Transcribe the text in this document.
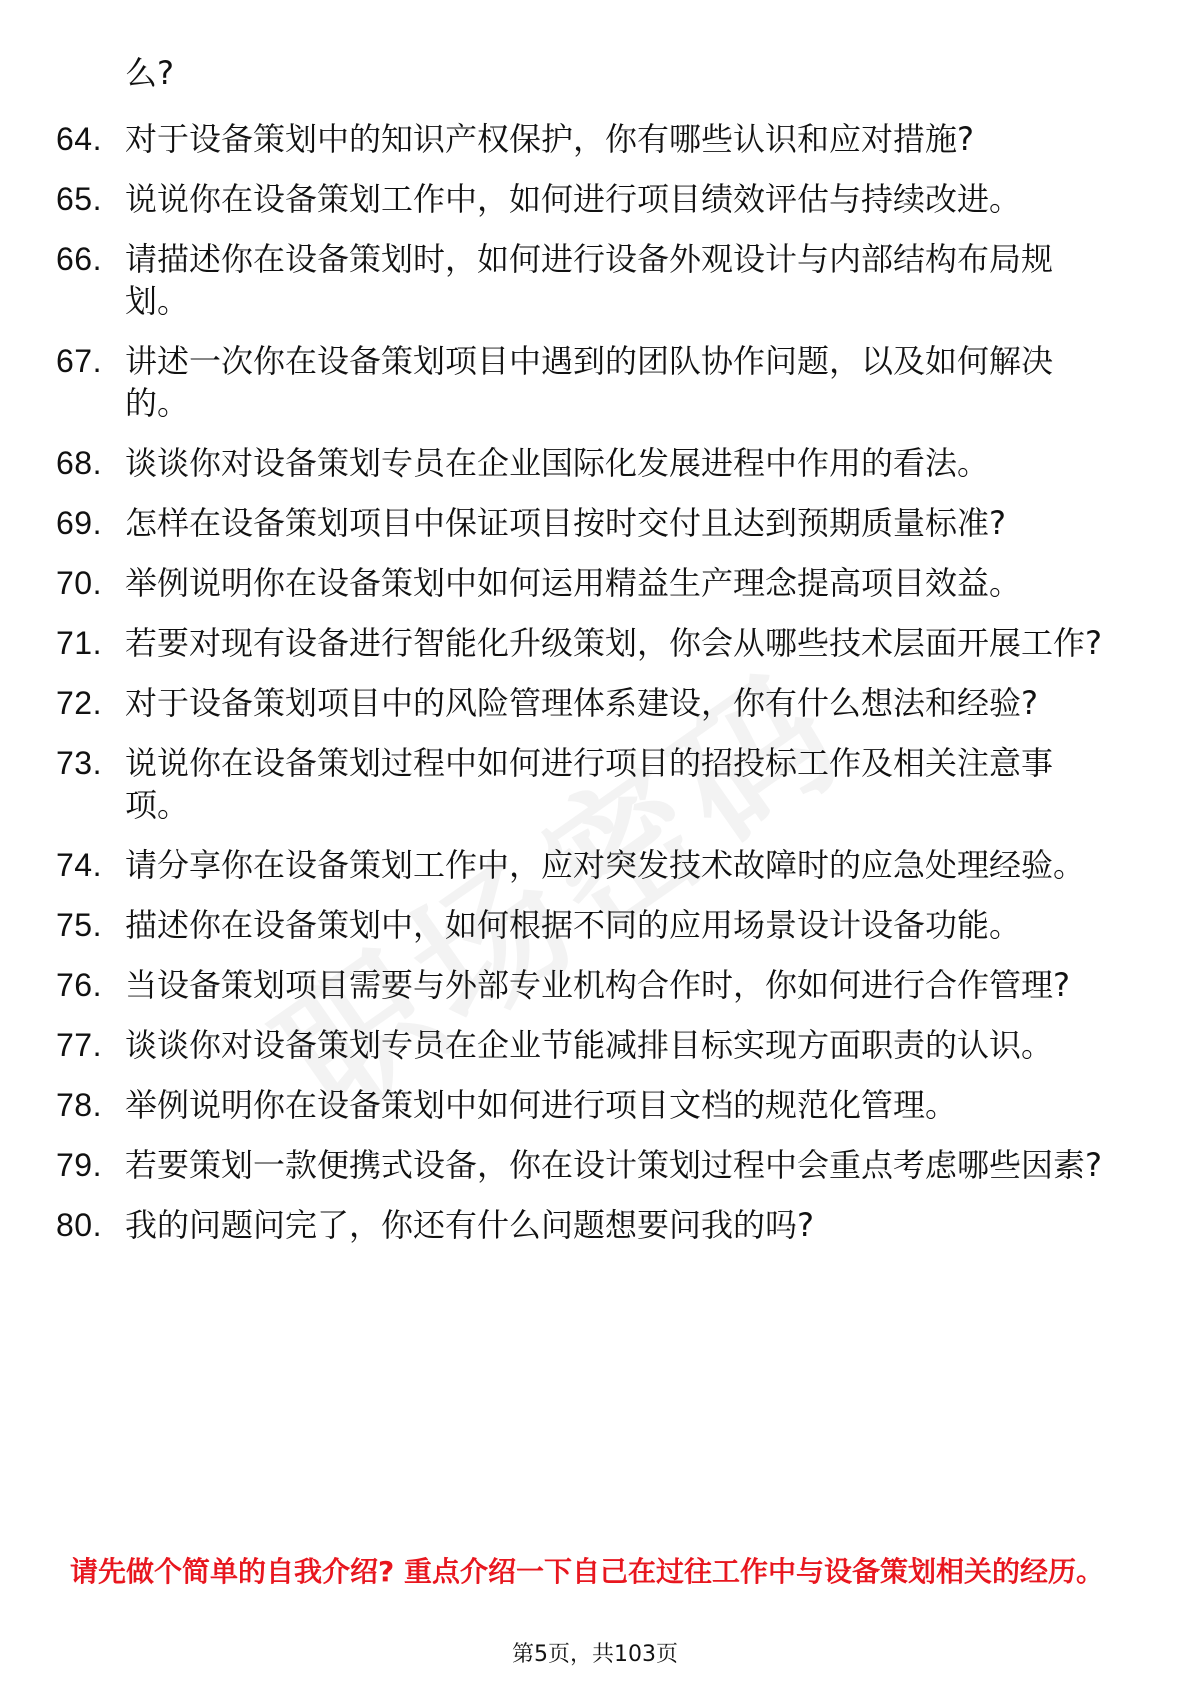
么?
64. 对于设备策划中的知识产权保护，你有哪些认识和应对措施?
65. 说说你在设备策划工作中，如何进行项目绩效评估与持续改进。
66. 请描述你在设备策划时，如何进行设备外观设计与内部结构布局规划。
67. 讲述一次你在设备策划项目中遇到的团队协作问题，以及如何解决的。
68. 谈谈你对设备策划专员在企业国际化发展进程中作用的看法。
69. 怎样在设备策划项目中保证项目按时交付且达到预期质量标准?
70. 举例说明你在设备策划中如何运用精益生产理念提高项目效益。
71. 若要对现有设备进行智能化升级策划，你会从哪些技术层面开展工作?
72. 对于设备策划项目中的风险管理体系建设，你有什么想法和经验?
73. 说说你在设备策划过程中如何进行项目的招投标工作及相关注意事项。
74. 请分享你在设备策划工作中，应对突发技术故障时的应急处理经验。
75. 描述你在设备策划中，如何根据不同的应用场景设计设备功能。
76. 当设备策划项目需要与外部专业机构合作时，你如何进行合作管理?
77. 谈谈你对设备策划专员在企业节能减排目标实现方面职责的认识。
78. 举例说明你在设备策划中如何进行项目文档的规范化管理。
79. 若要策划一款便携式设备，你在设计策划过程中会重点考虑哪些因素?
80. 我的问题问完了，你还有什么问题想要问我的吗?
请先做个简单的自我介绍? 重点介绍一下自己在过往工作中与设备策划相关的经历。
第5页，共103页
